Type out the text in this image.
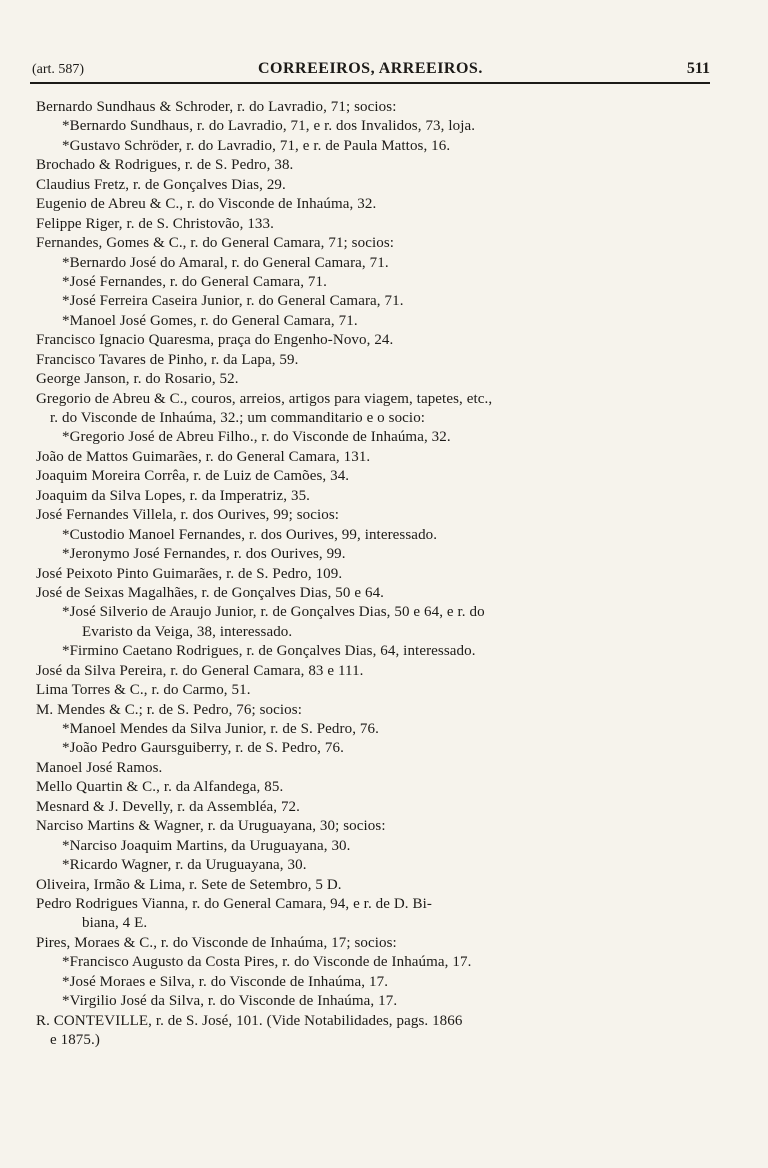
(art. 587)	CORREEIROS, ARREEIROS.	511
Bernardo Sundhaus & Schroder, r. do Lavradio, 71; socios:
*Bernardo Sundhaus, r. do Lavradio, 71, e r. dos Invalidos, 73, loja.
*Gustavo Schröder, r. do Lavradio, 71, e r. de Paula Mattos, 16.
Brochado & Rodrigues, r. de S. Pedro, 38.
Claudius Fretz, r. de Gonçalves Dias, 29.
Eugenio de Abreu & C., r. do Visconde de Inhaúma, 32.
Felippe Riger, r. de S. Christovão, 133.
Fernandes, Gomes & C., r. do General Camara, 71; socios:
*Bernardo José do Amaral, r. do General Camara, 71.
*José Fernandes, r. do General Camara, 71.
*José Ferreira Caseira Junior, r. do General Camara, 71.
*Manoel José Gomes, r. do General Camara, 71.
Francisco Ignacio Quaresma, praça do Engenho-Novo, 24.
Francisco Tavares de Pinho, r. da Lapa, 59.
George Janson, r. do Rosario, 52.
Gregorio de Abreu & C., couros, arreios, artigos para viagem, tapetes, etc.,
r. do Visconde de Inhaúma, 32.; um commanditario e o socio:
*Gregorio José de Abreu Filho., r. do Visconde de Inhaúma, 32.
João de Mattos Guimarães, r. do General Camara, 131.
Joaquim Moreira Corrêa, r. de Luiz de Camões, 34.
Joaquim da Silva Lopes, r. da Imperatriz, 35.
José Fernandes Villela, r. dos Ourives, 99; socios:
*Custodio Manoel Fernandes, r. dos Ourives, 99, interessado.
*Jeronymo José Fernandes, r. dos Ourives, 99.
José Peixoto Pinto Guimarães, r. de S. Pedro, 109.
José de Seixas Magalhães, r. de Gonçalves Dias, 50 e 64.
*José Silverio de Araujo Junior, r. de Gonçalves Dias, 50 e 64, e r. do
Evaristo da Veiga, 38, interessado.
*Firmino Caetano Rodrigues, r. de Gonçalves Dias, 64, interessado.
José da Silva Pereira, r. do General Camara, 83 e 111.
Lima Torres & C., r. do Carmo, 51.
M. Mendes & C.; r. de S. Pedro, 76; socios:
*Manoel Mendes da Silva Junior, r. de S. Pedro, 76.
*João Pedro Gaursguiberry, r. de S. Pedro, 76.
Manoel José Ramos.
Mello Quartin & C., r. da Alfandega, 85.
Mesnard & J. Develly, r. da Assembléa, 72.
Narciso Martins & Wagner, r. da Uruguayana, 30; socios:
*Narciso Joaquim Martins, da Uruguayana, 30.
*Ricardo Wagner, r. da Uruguayana, 30.
Oliveira, Irmão & Lima, r. Sete de Setembro, 5 D.
Pedro Rodrigues Vianna, r. do General Camara, 94, e r. de D. Bi-
biana, 4 E.
Pires, Moraes & C., r. do Visconde de Inhaúma, 17; socios:
*Francisco Augusto da Costa Pires, r. do Visconde de Inhaúma, 17.
*José Moraes e Silva, r. do Visconde de Inhaúma, 17.
*Virgilio José da Silva, r. do Visconde de Inhaúma, 17.
R. CONTEVILLE, r. de S. José, 101. (Vide Notabilidades, pags. 1866
e 1875.)
